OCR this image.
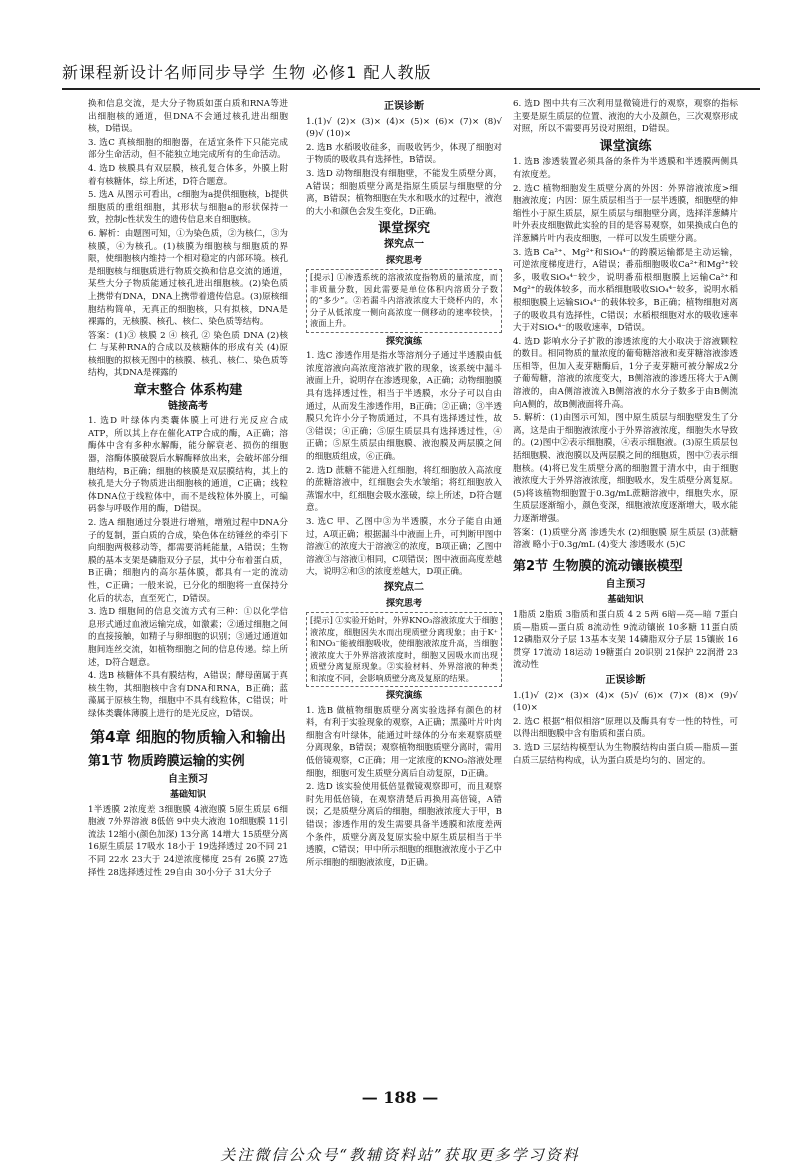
新课程新设计名师同步导学 生物 必修1 配人教版

换和信息交流，是大分子物质如蛋白质和RNA等进出细胞核的通道，但DNA不会通过核孔进出细胞核，D错误。

3. 选C 真核细胞的细胞器，在适宜条件下只能完成部分生命活动，但不能独立地完成所有的生命活动。

4. 选D 核膜具有双层膜，核孔复合体多，外膜上附着有核糖体，综上所述，D符合题意。

5. 选A 从图示可看出，c细胞为a提供细胞核，b提供细胞质的重组细胞，其形状与细胞a的形状保持一致，控制c性状发生的遗传信息来自细胞核。

6. 解析：由题图可知，①为染色质，②为核仁，③为核膜，④为核孔。(1)核膜为细胞核与细胞质的界限，使细胞核内维持一个相对稳定的内部环境。核孔是细胞核与细胞质进行物质交换和信息交流的通道，某些大分子物质能通过核孔进出细胞核。(2)染色质上携带有DNA，DNA上携带着遗传信息。(3)原核细胞结构简单，无真正的细胞核，只有拟核，DNA是裸露的，无核膜、核孔、核仁、染色质等结构。

答案：(1)③ 核膜 2 ④ 核孔 ② 染色质 DNA (2)核仁 与某种RNA的合成以及核糖体的形成有关 (4)原核细胞的拟核无图中的核膜、核孔、核仁、染色质等结构，其DNA是裸露的

章末整合 体系构建
链接高考

1. 选D 叶绿体内类囊体膜上可进行光反应合成ATP，所以其上存在催化ATP合成的酶，A正确；溶酶体中含有多种水解酶，能分解衰老、损伤的细胞器，溶酶体膜破裂后水解酶释放出来，会破坏部分细胞结构，B正确；细胞的核膜是双层膜结构，其上的核孔是大分子物质进出细胞核的通道，C正确；线粒体DNA位于线粒体中，而不是线粒体外膜上，可编码参与呼吸作用的酶，D错误。

2. 选A 细胞通过分裂进行增殖，增殖过程中DNA分子的复制，蛋白质的合成，染色体在纺锤丝的牵引下向细胞两极移动等，都需要消耗能量，A错误；生物膜的基本支架是磷脂双分子层，其中分布着蛋白质，B正确；细胞内的高尔基体膜，都具有一定的流动性，C正确；一般来说，已分化的细胞将一直保持分化后的状态，直至死亡，D错误。

3. 选D 细胞间的信息交流方式有三种：①以化学信息形式通过血液运输完成，如激素；②通过细胞之间的直接接触，如精子与卵细胞的识别；③通过通道如胞间连丝交流，如植物细胞之间的信息传递。综上所述，D符合题意。

4. 选B 核糖体不具有膜结构，A错误；酵母菌属于真核生物，其细胞核中含有DNA和RNA，B正确；蓝藻属于原核生物，细胞中不具有线粒体，C错误；叶绿体类囊体薄膜上进行的是光反应，D错误。

第4章 细胞的物质输入和输出
第1节 物质跨膜运输的实例
自主预习
基础知识

1半透膜 2浓度差 3细胞膜 4液泡膜 5原生质层 6细胞液 7外界溶液 8低倍 9中央大液泡 10细胞膜 11引流法 12缩小(颜色加深) 13分离 14增大 15质壁分离 16原生质层 17吸水 18小于 19选择透过 20不同 21不同 22水 23大于 24逆浓度梯度 25有 26膜 27选择性 28选择透过性 29自由 30小分子 31大分子

正误诊断

1.(1)√ (2)× (3)× (4)× (5)× (6)× (7)× (8)√ (9)√ (10)×

2. 选B 水稻吸收硅多，而吸收钙少，体现了细胞对于物质的吸收具有选择性，B错误。

3. 选D 动物细胞没有细胞壁，不能发生质壁分离，A错误；细胞质壁分离是指原生质层与细胞壁的分离，B错误；植物细胞在失水和吸水的过程中，液泡的大小和颜色会发生变化，D正确。

课堂探究
探究点一
探究思考
[提示] ①渗透系统的溶液浓度指物质的量浓度，而非质量分数，因此需要是单位体积内溶质分子数的“多少”。②若漏斗内溶液浓度大于烧杯内的，水分子从低浓度一侧向高浓度一侧移动的速率较快，液面上升。
探究演练

1. 选C 渗透作用是指水等溶剂分子通过半透膜由低浓度溶液向高浓度溶液扩散的现象，该系统中漏斗液面上升，说明存在渗透现象，A正确；动物细胞膜具有选择透过性，相当于半透膜，水分子可以自由通过，从而发生渗透作用，B正确；②正确；③半透膜只允许小分子物质通过，不具有选择透过性，故③错误；④正确；⑤原生质层具有选择透过性，④正确；⑤原生质层由细胞膜、液泡膜及两层膜之间的细胞质组成，⑥正确。

2. 选D 蔗糖不能进入红细胞，将红细胞放入高浓度的蔗糖溶液中，红细胞会失水皱缩；将红细胞放入蒸馏水中，红细胞会吸水涨破，综上所述，D符合题意。

3. 选C 甲、乙图中③为半透膜，水分子能自由通过，A项正确；根据漏斗中液面上升，可判断甲图中溶液①的浓度大于溶液②的浓度，B项正确；乙图中溶液③与溶液①相同，C项错误；图中液面高度差越大，说明②和③的浓度差越大，D项正确。

探究点二
探究思考
[提示] ①实验开始时，外界KNO₃溶液浓度大于细胞液浓度，细胞因失水而出现质壁分离现象；由于K⁺和NO₃⁻能被细胞吸收，使细胞液浓度升高，当细胞液浓度大于外界溶液浓度时，细胞又因吸水而出现质壁分离复原现象。②实验材料、外界溶液的种类和浓度不同，会影响质壁分离及复原的结果。
探究演练

1. 选B 做植物细胞质壁分离实验选择有颜色的材料，有利于实验现象的观察，A正确；黑藻叶片叶肉细胞含有叶绿体，能通过叶绿体的分布来观察质壁分离现象，B错误；观察植物细胞质壁分离时，需用低倍镜观察，C正确；用一定浓度的KNO₃溶液处理细胞，细胞可发生质壁分离后自动复原，D正确。

2. 选D 该实验使用低倍显微镜观察即可，而且观察时先用低倍镜，在观察清楚后再换用高倍镜，A错误；乙是质壁分离后的细胞，细胞液浓度大于甲，B错误；渗透作用的发生需要具备半透膜和浓度差两个条件，质壁分离及复原实验中原生质层相当于半透膜，C错误；甲中所示细胞的细胞液浓度小于乙中所示细胞的细胞液浓度，D正确。

6. 选D 图中共有三次利用显微镜进行的观察，观察的指标主要是原生质层的位置、液泡的大小及颜色，三次观察形成对照，所以不需要再另设对照组，D错误。

课堂演练

1. 选B 渗透装置必须具备的条件为半透膜和半透膜两侧具有浓度差。

2. 选C 植物细胞发生质壁分离的外因：外界溶液浓度>细胞液浓度；内因：原生质层相当于一层半透膜，细胞壁的伸缩性小于原生质层，原生质层与细胞壁分离，选择洋葱鳞片叶外表皮细胞做此实验的目的是容易观察，如果换成白色的洋葱鳞片叶内表皮细胞，一样可以发生质壁分离。

3. 选B Ca²⁺、Mg²⁺和SiO₄⁴⁻的跨膜运输都是主动运输，可逆浓度梯度进行，A错误；番茄细胞吸收Ca²⁺和Mg²⁺较多，吸收SiO₄⁴⁻较少，说明番茄根细胞膜上运输Ca²⁺和Mg²⁺的载体较多，而水稻细胞吸收SiO₄⁴⁻较多，说明水稻根细胞膜上运输SiO₄⁴⁻的载体较多，B正确；植物细胞对离子的吸收具有选择性，C错误；水稻根细胞对水的吸收速率大于对SiO₄⁴⁻的吸收速率，D错误。

4. 选D 影响水分子扩散的渗透浓度的大小取决于溶液颗粒的数目。相同物质的量浓度的葡萄糖溶液和麦芽糖溶液渗透压相等，但加入麦芽糖酶后，1分子麦芽糖可被分解成2分子葡萄糖，溶液的浓度变大，B侧溶液的渗透压将大于A侧溶液的，由A侧溶液流入B侧溶液的水分子数多于由B侧流向A侧的，故B侧液面将升高。

5. 解析：(1)由图示可知，图中原生质层与细胞壁发生了分离，这是由于细胞液浓度小于外界溶液浓度，细胞失水导致的。(2)图中②表示细胞膜，④表示细胞液。(3)原生质层包括细胞膜、液泡膜以及两层膜之间的细胞质，图中⑦表示细胞核。(4)将已发生质壁分离的细胞置于清水中，由于细胞液浓度大于外界溶液浓度，细胞吸水，发生质壁分离复原。(5)将该植物细胞置于0.3g/mL蔗糖溶液中，细胞失水，原生质层逐渐缩小，颜色变深，细胞液浓度逐渐增大，吸水能力逐渐增强。

答案：(1)质壁分离 渗透失水 (2)细胞膜 原生质层 (3)蔗糖溶液 略小于0.3g/mL (4)变大 渗透吸水 (5)C

第2节 生物膜的流动镶嵌模型
自主预习
基础知识

1脂质 2脂质 3脂质和蛋白质 4 2 5两 6暗—亮—暗 7蛋白质—脂质—蛋白质 8流动性 9流动镶嵌 10多糖 11蛋白质 12磷脂双分子层 13基本支架 14磷脂双分子层 15镶嵌 16贯穿 17流动 18运动 19糖蛋白 20识别 21保护 22润滑 23流动性

正误诊断

1.(1)√ (2)× (3)× (4)× (5)√ (6)× (7)× (8)× (9)√ (10)×

2. 选C 根据“相似相溶”原理以及酶具有专一性的特性，可以得出细胞膜中含有脂质和蛋白质。

3. 选D 三层结构模型认为生物膜结构由蛋白质—脂质—蛋白质三层结构构成，认为蛋白质是均匀的、固定的。

— 188 —
关注微信公众号“教辅资料站”获取更多学习资料
